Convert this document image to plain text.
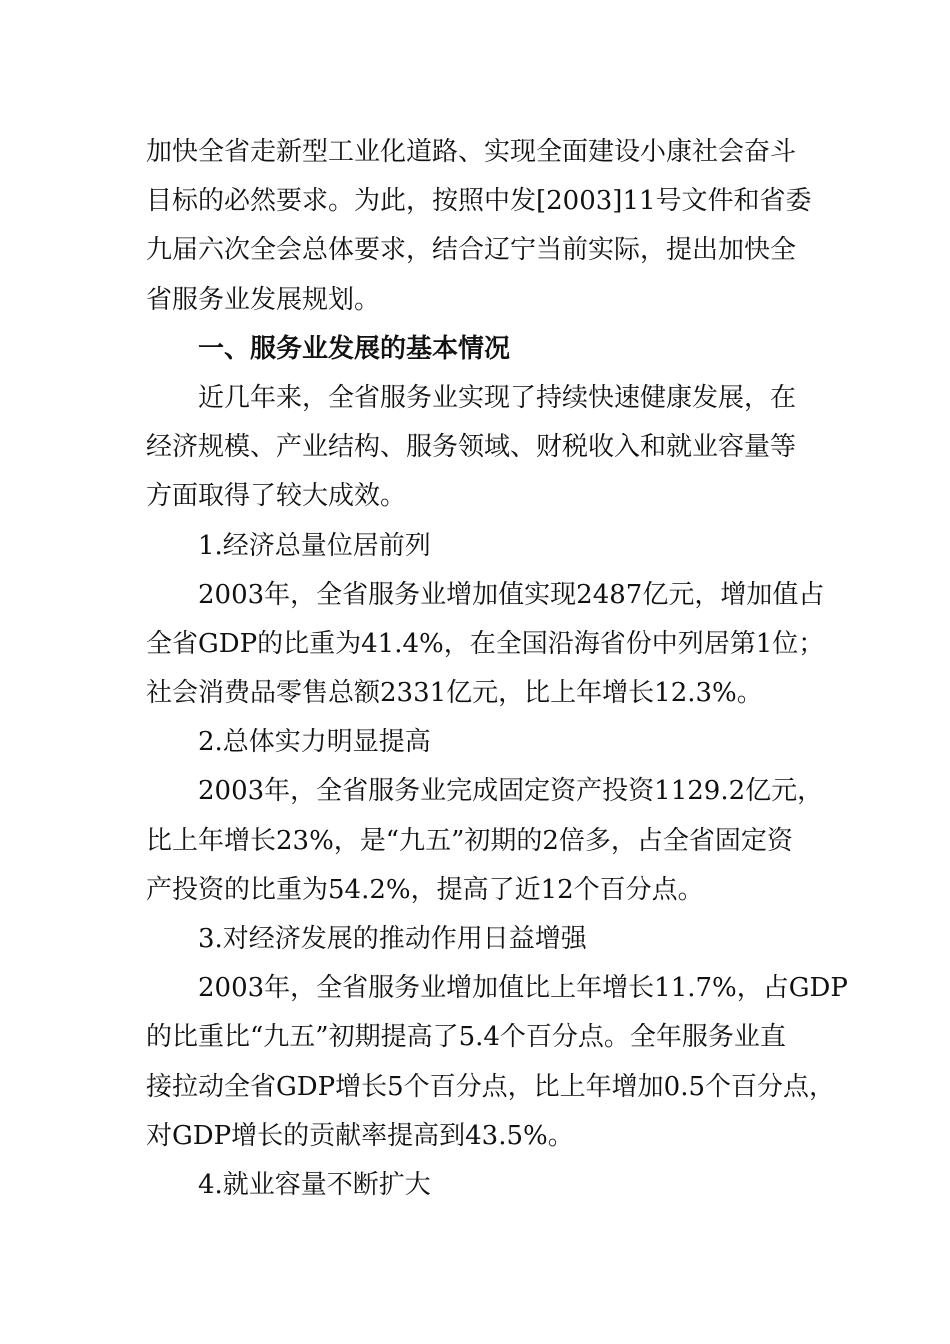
加快全省走新型工业化道路、实现全面建设小康社会奋斗
目标的必然要求。为此，按照中发[2003]11号文件和省委
九届六次全会总体要求，结合辽宁当前实际，提出加快全
省服务业发展规划。
一、服务业发展的基本情况
近几年来，全省服务业实现了持续快速健康发展，在
经济规模、产业结构、服务领域、财税收入和就业容量等
方面取得了较大成效。
1.经济总量位居前列
2003年，全省服务业增加值实现2487亿元，增加值占
全省GDP的比重为41.4%，在全国沿海省份中列居第1位；
社会消费品零售总额2331亿元，比上年增长12.3%。
2.总体实力明显提高
2003年，全省服务业完成固定资产投资1129.2亿元，
比上年增长23%，是“九五”初期的2倍多，占全省固定资
产投资的比重为54.2%，提高了近12个百分点。
3.对经济发展的推动作用日益增强
2003年，全省服务业增加值比上年增长11.7%，占GDP
的比重比“九五”初期提高了5.4个百分点。全年服务业直
接拉动全省GDP增长5个百分点，比上年增加0.5个百分点，
对GDP增长的贡献率提高到43.5%。
4.就业容量不断扩大
